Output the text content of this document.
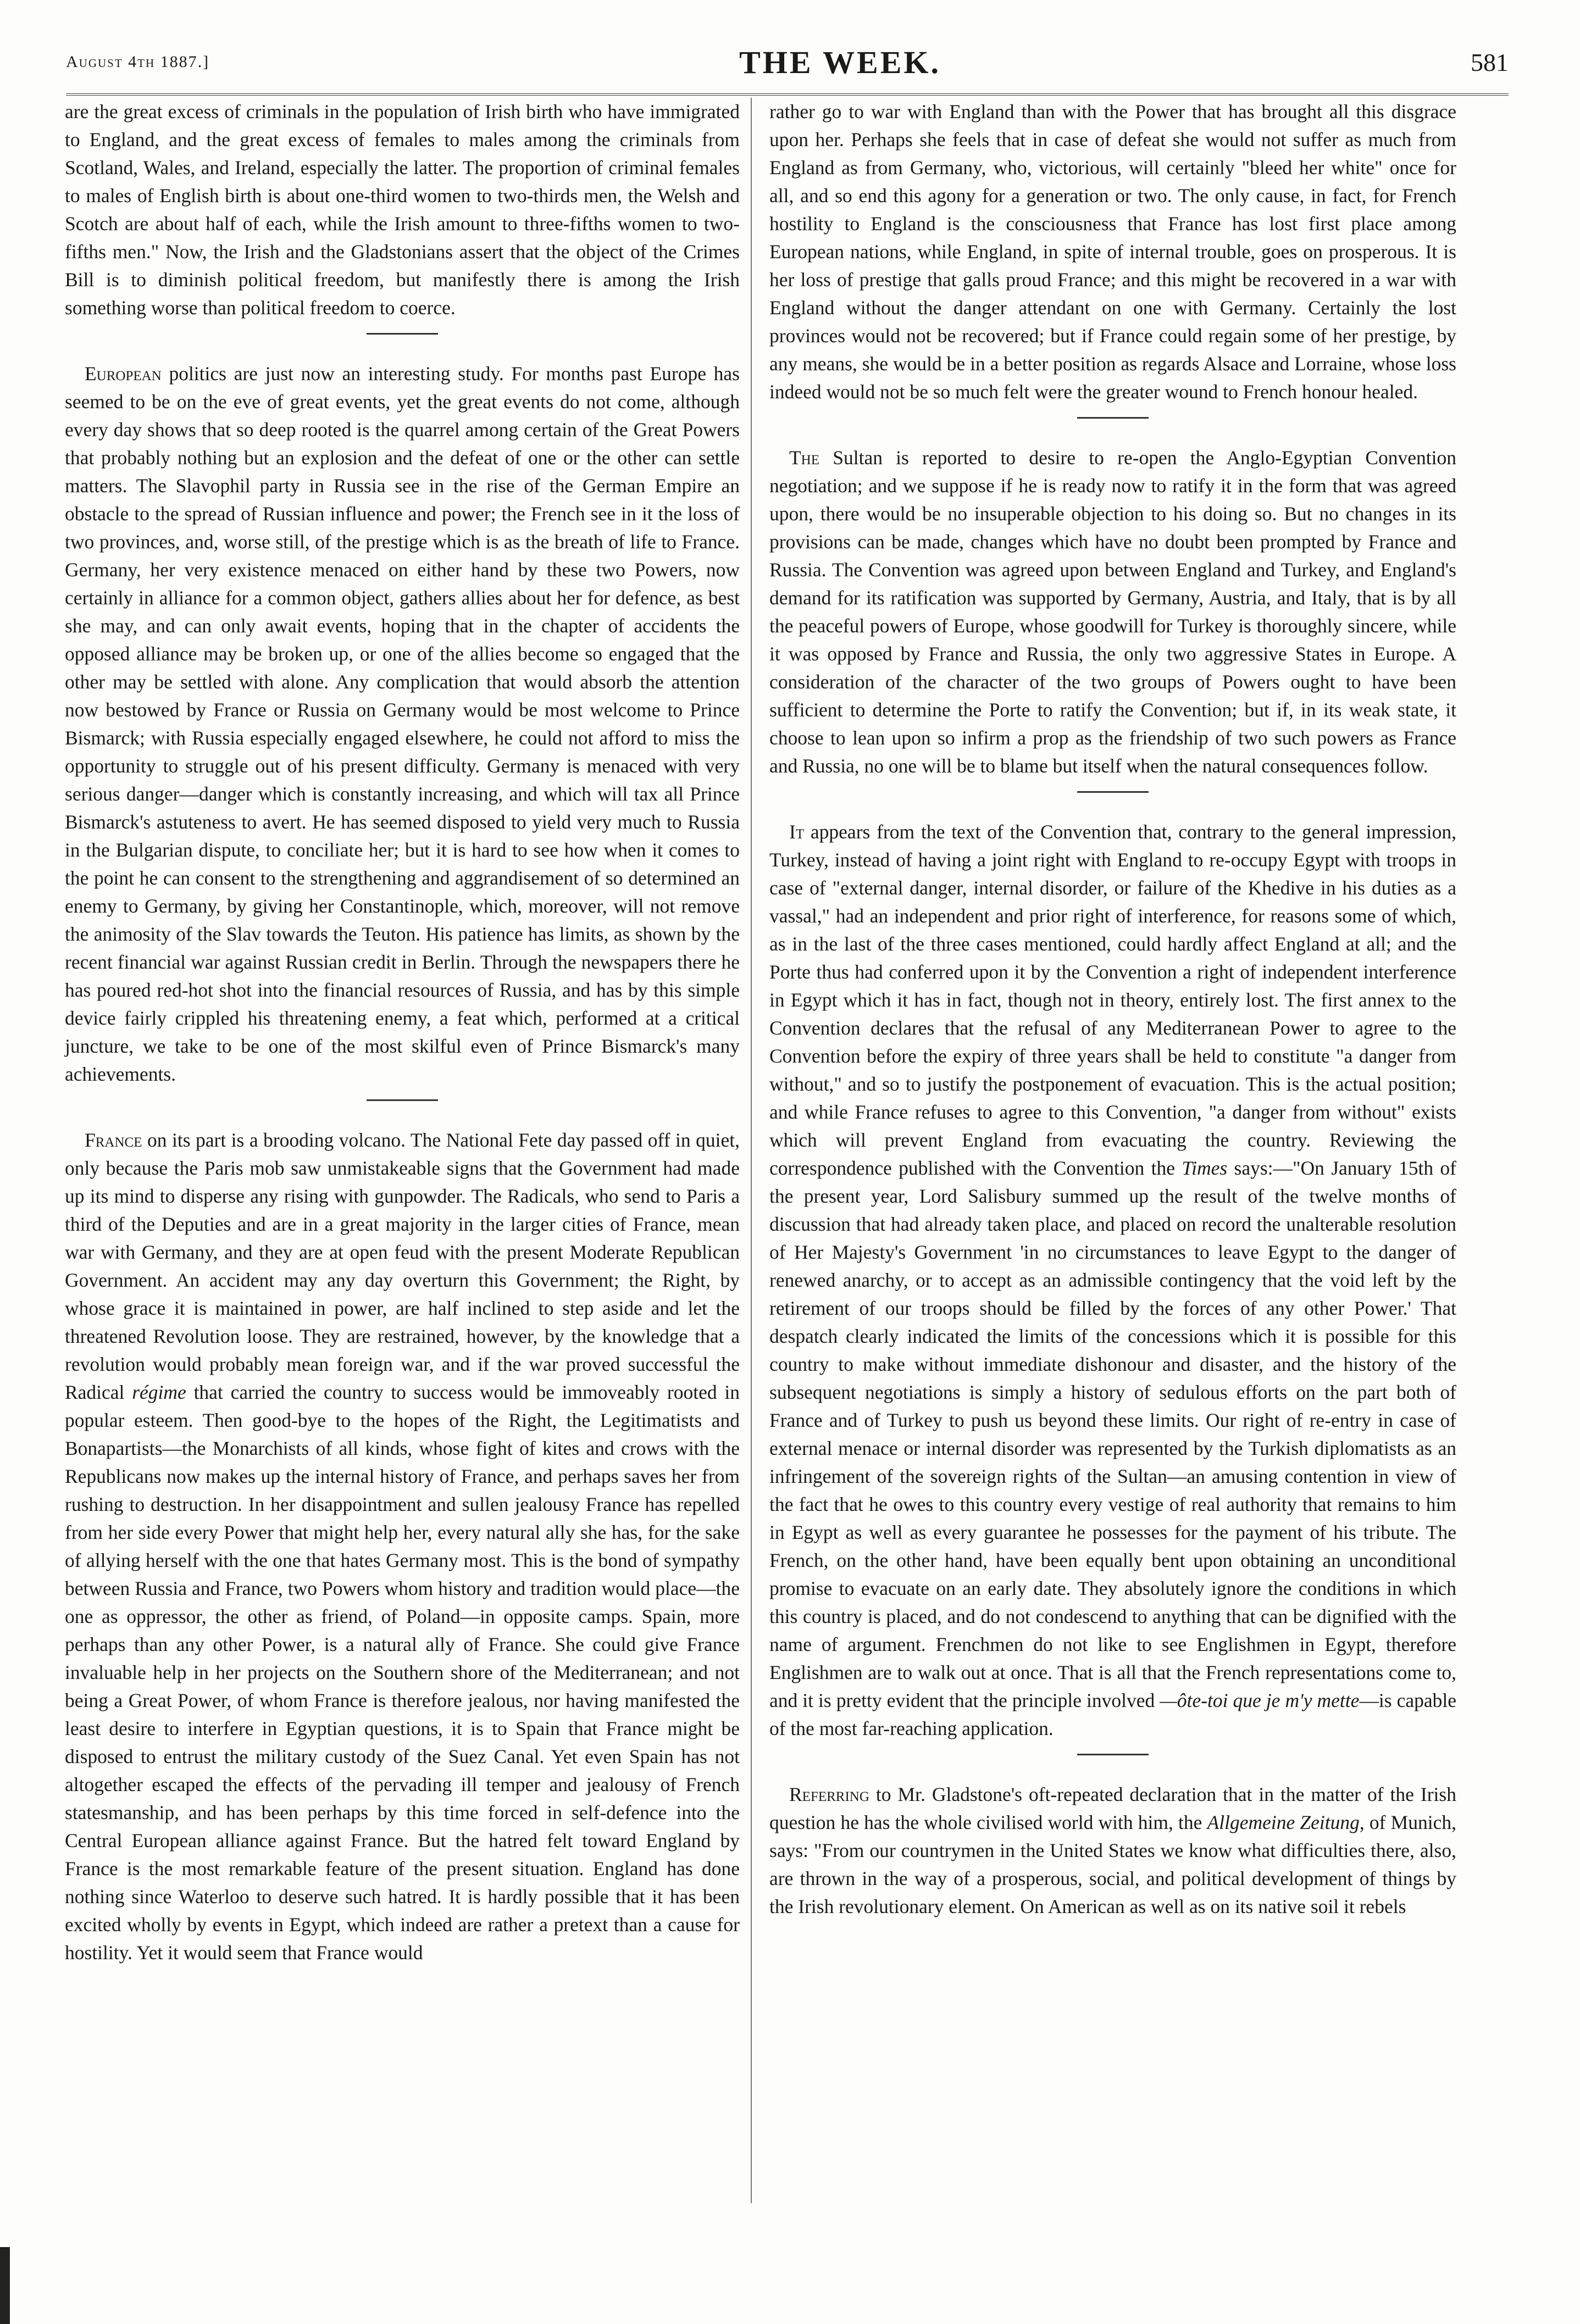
August 4th 1887.]	THE WEEK.	581

are the great excess of criminals in the population of Irish birth who have immigrated to England, and the great excess of females to males among the criminals from Scotland, Wales, and Ireland, especially the latter. The proportion of criminal females to males of English birth is about one-third women to two-thirds men, the Welsh and Scotch are about half of each, while the Irish amount to three-fifths women to two-fifths men." Now, the Irish and the Gladstonians assert that the object of the Crimes Bill is to diminish political freedom, but manifestly there is among the Irish something worse than political freedom to coerce.

European politics are just now an interesting study. For months past Europe has seemed to be on the eve of great events, yet the great events do not come, although every day shows that so deep rooted is the quarrel among certain of the Great Powers that probably nothing but an explosion and the defeat of one or the other can settle matters. The Slavophil party in Russia see in the rise of the German Empire an obstacle to the spread of Russian influence and power; the French see in it the loss of two provinces, and, worse still, of the prestige which is as the breath of life to France. Germany, her very existence menaced on either hand by these two Powers, now certainly in alliance for a common object, gathers allies about her for defence, as best she may, and can only await events, hoping that in the chapter of accidents the opposed alliance may be broken up, or one of the allies become so engaged that the other may be settled with alone. Any complication that would absorb the attention now bestowed by France or Russia on Germany would be most welcome to Prince Bismarck; with Russia especially engaged elsewhere, he could not afford to miss the opportunity to struggle out of his present difficulty. Germany is menaced with very serious danger—danger which is constantly increasing, and which will tax all Prince Bismarck's astuteness to avert. He has seemed disposed to yield very much to Russia in the Bulgarian dispute, to conciliate her; but it is hard to see how when it comes to the point he can consent to the strengthening and aggrandisement of so determined an enemy to Germany, by giving her Constantinople, which, moreover, will not remove the animosity of the Slav towards the Teuton. His patience has limits, as shown by the recent financial war against Russian credit in Berlin. Through the newspapers there he has poured red-hot shot into the financial resources of Russia, and has by this simple device fairly crippled his threatening enemy, a feat which, performed at a critical juncture, we take to be one of the most skilful even of Prince Bismarck's many achievements.

France on its part is a brooding volcano. The National Fete day passed off in quiet, only because the Paris mob saw unmistakeable signs that the Government had made up its mind to disperse any rising with gunpowder. The Radicals, who send to Paris a third of the Deputies and are in a great majority in the larger cities of France, mean war with Germany, and they are at open feud with the present Moderate Republican Government. An accident may any day overturn this Government; the Right, by whose grace it is maintained in power, are half inclined to step aside and let the threatened Revolution loose. They are restrained, however, by the knowledge that a revolution would probably mean foreign war, and if the war proved successful the Radical régime that carried the country to success would be immoveably rooted in popular esteem. Then good-bye to the hopes of the Right, the Legitimatists and Bonapartists—the Monarchists of all kinds, whose fight of kites and crows with the Republicans now makes up the internal history of France, and perhaps saves her from rushing to destruction. In her disappointment and sullen jealousy France has repelled from her side every Power that might help her, every natural ally she has, for the sake of allying herself with the one that hates Germany most. This is the bond of sympathy between Russia and France, two Powers whom history and tradition would place—the one as oppressor, the other as friend, of Poland—in opposite camps. Spain, more perhaps than any other Power, is a natural ally of France. She could give France invaluable help in her projects on the Southern shore of the Mediterranean; and not being a Great Power, of whom France is therefore jealous, nor having manifested the least desire to interfere in Egyptian questions, it is to Spain that France might be disposed to entrust the military custody of the Suez Canal. Yet even Spain has not altogether escaped the effects of the pervading ill temper and jealousy of French statesmanship, and has been perhaps by this time forced in self-defence into the Central European alliance against France. But the hatred felt toward England by France is the most remarkable feature of the present situation. England has done nothing since Waterloo to deserve such hatred. It is hardly possible that it has been excited wholly by events in Egypt, which indeed are rather a pretext than a cause for hostility. Yet it would seem that France would

rather go to war with England than with the Power that has brought all this disgrace upon her. Perhaps she feels that in case of defeat she would not suffer as much from England as from Germany, who, victorious, will certainly "bleed her white" once for all, and so end this agony for a generation or two. The only cause, in fact, for French hostility to England is the consciousness that France has lost first place among European nations, while England, in spite of internal trouble, goes on prosperous. It is her loss of prestige that galls proud France; and this might be recovered in a war with England without the danger attendant on one with Germany. Certainly the lost provinces would not be recovered; but if France could regain some of her prestige, by any means, she would be in a better position as regards Alsace and Lorraine, whose loss indeed would not be so much felt were the greater wound to French honour healed.

The Sultan is reported to desire to re-open the Anglo-Egyptian Convention negotiation; and we suppose if he is ready now to ratify it in the form that was agreed upon, there would be no insuperable objection to his doing so. But no changes in its provisions can be made, changes which have no doubt been prompted by France and Russia. The Convention was agreed upon between England and Turkey, and England's demand for its ratification was supported by Germany, Austria, and Italy, that is by all the peaceful powers of Europe, whose goodwill for Turkey is thoroughly sincere, while it was opposed by France and Russia, the only two aggressive States in Europe. A consideration of the character of the two groups of Powers ought to have been sufficient to determine the Porte to ratify the Convention; but if, in its weak state, it choose to lean upon so infirm a prop as the friendship of two such powers as France and Russia, no one will be to blame but itself when the natural consequences follow.

It appears from the text of the Convention that, contrary to the general impression, Turkey, instead of having a joint right with England to re-occupy Egypt with troops in case of "external danger, internal disorder, or failure of the Khedive in his duties as a vassal," had an independent and prior right of interference, for reasons some of which, as in the last of the three cases mentioned, could hardly affect England at all; and the Porte thus had conferred upon it by the Convention a right of independent interference in Egypt which it has in fact, though not in theory, entirely lost. The first annex to the Convention declares that the refusal of any Mediterranean Power to agree to the Convention before the expiry of three years shall be held to constitute "a danger from without," and so to justify the postponement of evacuation. This is the actual position; and while France refuses to agree to this Convention, "a danger from without" exists which will prevent England from evacuating the country. Reviewing the correspondence published with the Convention the Times says:—"On January 15th of the present year, Lord Salisbury summed up the result of the twelve months of discussion that had already taken place, and placed on record the unalterable resolution of Her Majesty's Government 'in no circumstances to leave Egypt to the danger of renewed anarchy, or to accept as an admissible contingency that the void left by the retirement of our troops should be filled by the forces of any other Power.' That despatch clearly indicated the limits of the concessions which it is possible for this country to make without immediate dishonour and disaster, and the history of the subsequent negotiations is simply a history of sedulous efforts on the part both of France and of Turkey to push us beyond these limits. Our right of re-entry in case of external menace or internal disorder was represented by the Turkish diplomatists as an infringement of the sovereign rights of the Sultan—an amusing contention in view of the fact that he owes to this country every vestige of real authority that remains to him in Egypt as well as every guarantee he possesses for the payment of his tribute. The French, on the other hand, have been equally bent upon obtaining an unconditional promise to evacuate on an early date. They absolutely ignore the conditions in which this country is placed, and do not condescend to anything that can be dignified with the name of argument. Frenchmen do not like to see Englishmen in Egypt, therefore Englishmen are to walk out at once. That is all that the French representations come to, and it is pretty evident that the principle involved —ôte-toi que je m'y mette—is capable of the most far-reaching application.

Referring to Mr. Gladstone's oft-repeated declaration that in the matter of the Irish question he has the whole civilised world with him, the Allgemeine Zeitung, of Munich, says: "From our countrymen in the United States we know what difficulties there, also, are thrown in the way of a prosperous, social, and political development of things by the Irish revolutionary element. On American as well as on its native soil it rebels
